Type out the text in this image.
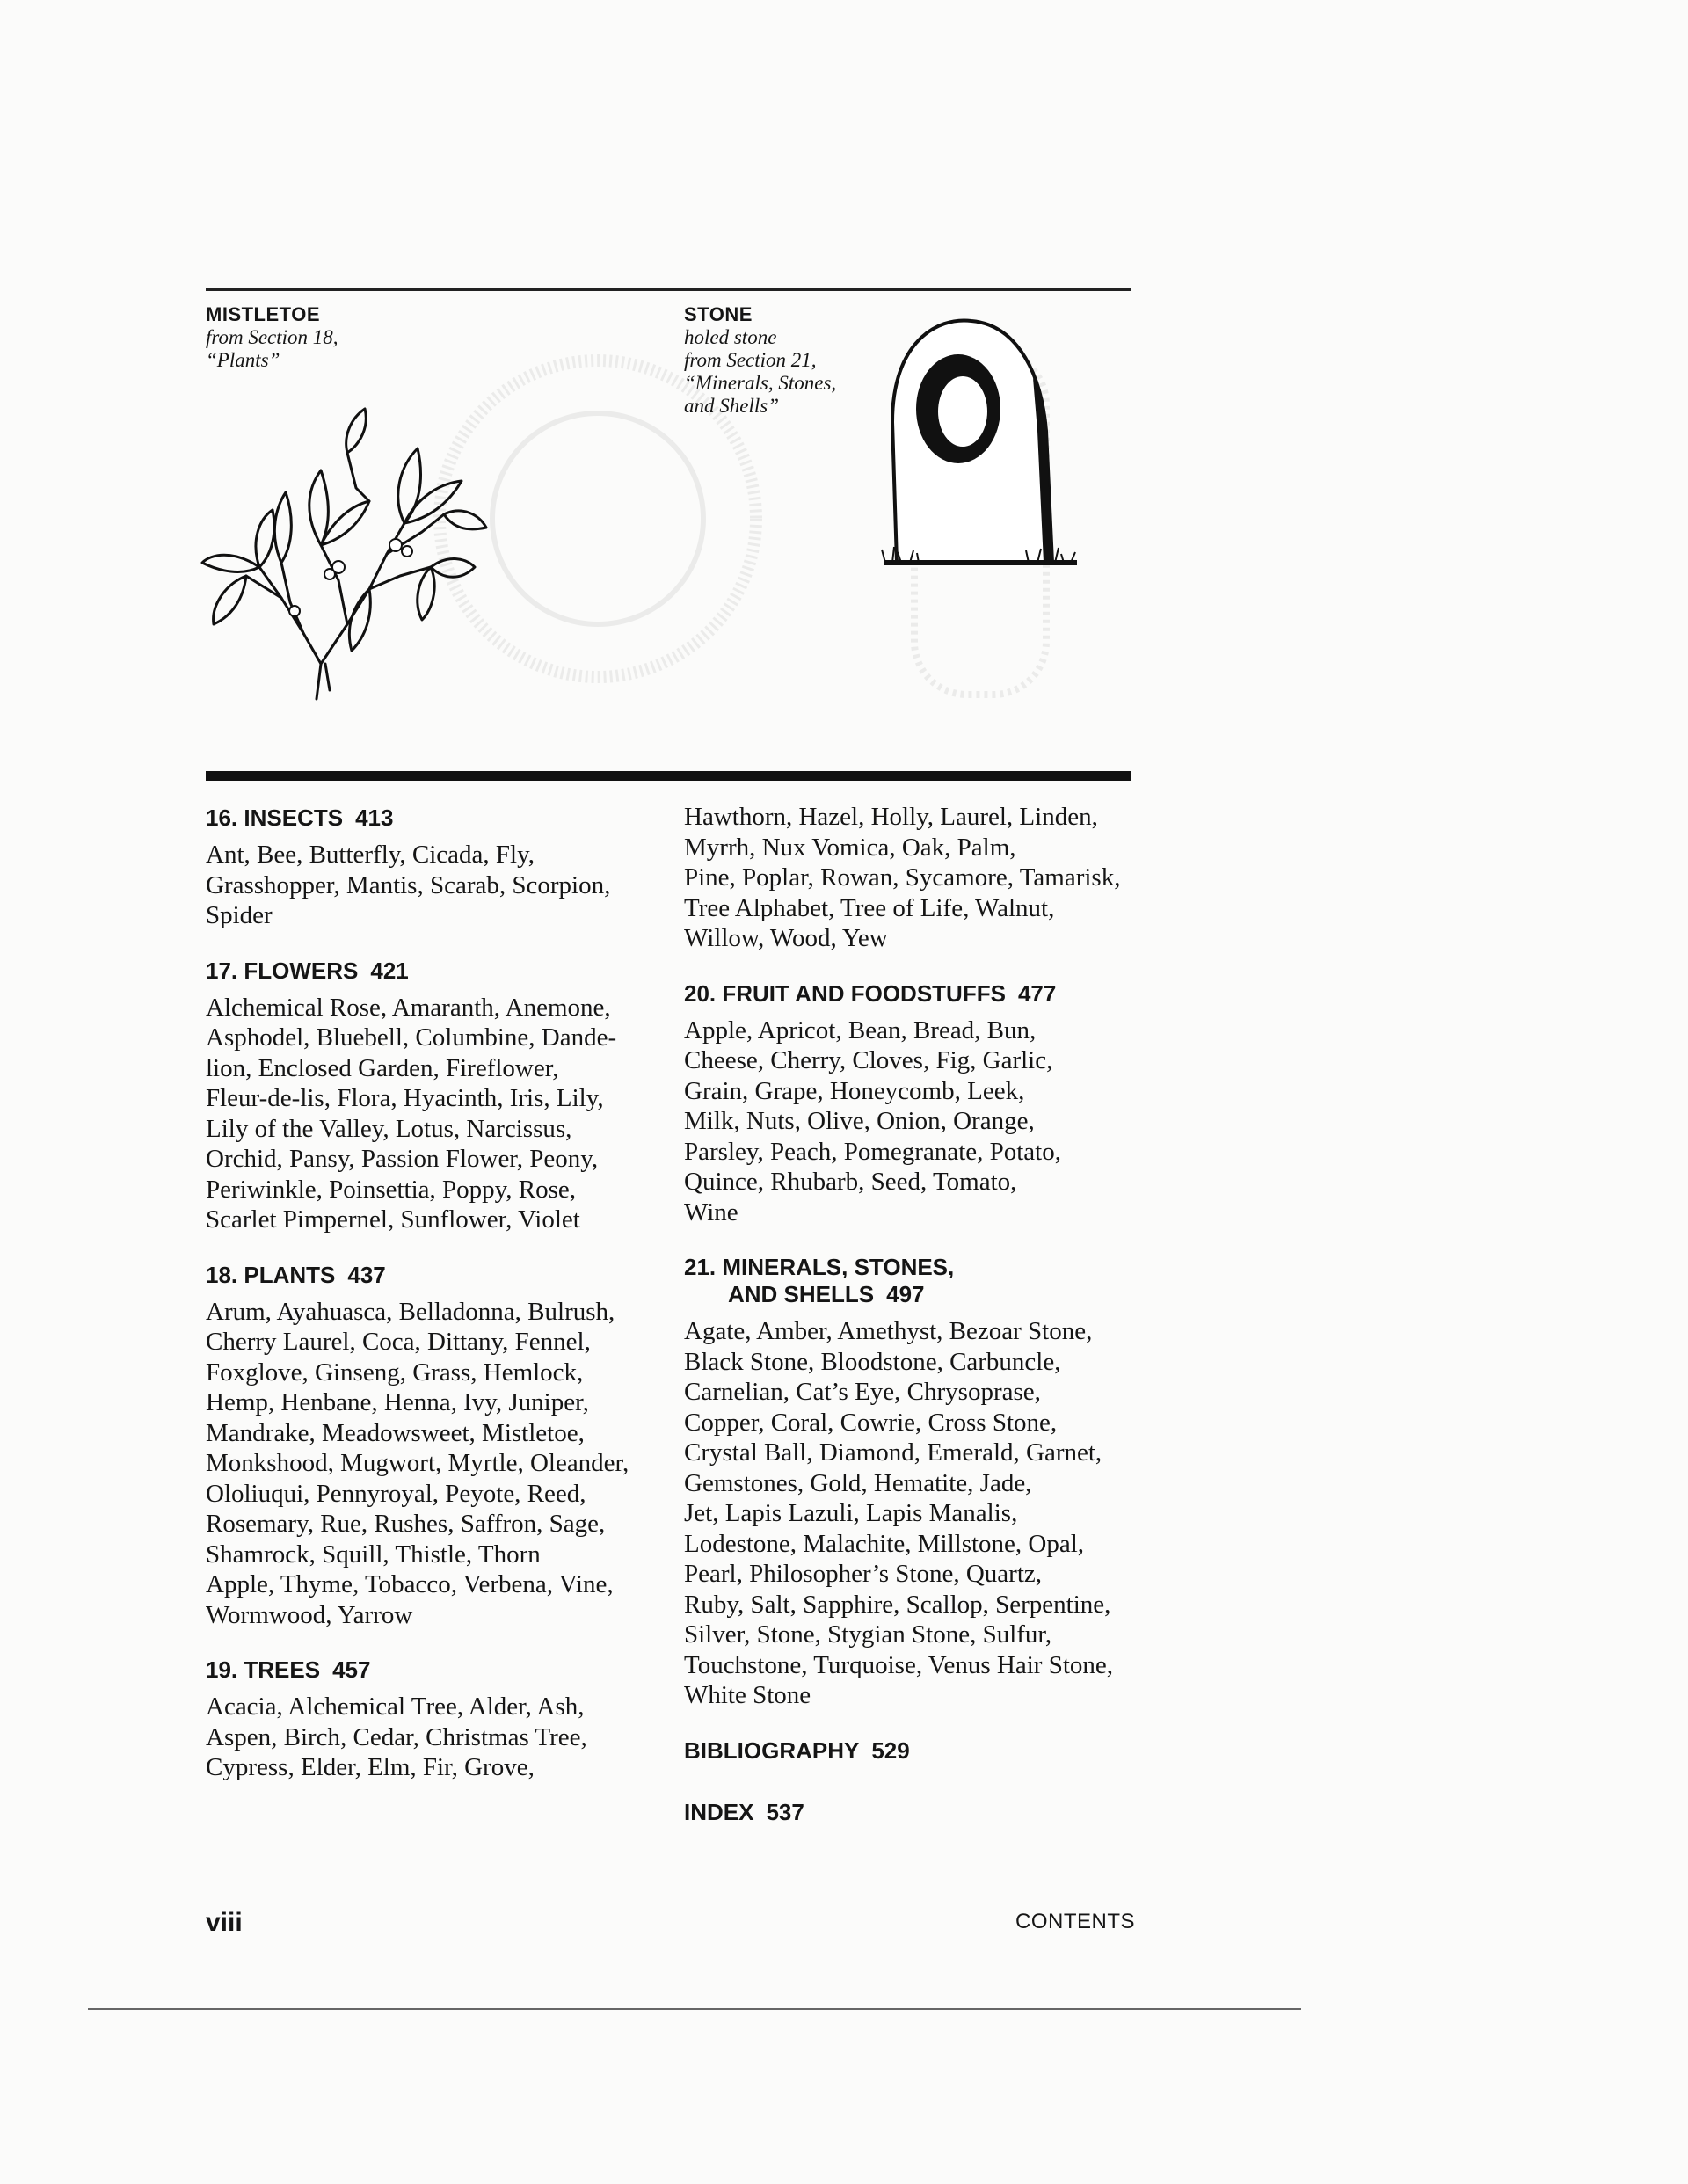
MISTLETOE
from Section 18,
“Plants”
STONE
holed stone
from Section 21,
“Minerals, Stones,
and Shells”
16. INSECTS 413
Ant, Bee, Butterfly, Cicada, Fly,
Grasshopper, Mantis, Scarab, Scorpion,
Spider
17. FLOWERS 421
Alchemical Rose, Amaranth, Anemone,
Asphodel, Bluebell, Columbine, Dande-
lion, Enclosed Garden, Fireflower,
Fleur-de-lis, Flora, Hyacinth, Iris, Lily,
Lily of the Valley, Lotus, Narcissus,
Orchid, Pansy, Passion Flower, Peony,
Periwinkle, Poinsettia, Poppy, Rose,
Scarlet Pimpernel, Sunflower, Violet
18. PLANTS 437
Arum, Ayahuasca, Belladonna, Bulrush,
Cherry Laurel, Coca, Dittany, Fennel,
Foxglove, Ginseng, Grass, Hemlock,
Hemp, Henbane, Henna, Ivy, Juniper,
Mandrake, Meadowsweet, Mistletoe,
Monkshood, Mugwort, Myrtle, Oleander,
Ololiuqui, Pennyroyal, Peyote, Reed,
Rosemary, Rue, Rushes, Saffron, Sage,
Shamrock, Squill, Thistle, Thorn
Apple, Thyme, Tobacco, Verbena, Vine,
Wormwood, Yarrow
19. TREES 457
Acacia, Alchemical Tree, Alder, Ash,
Aspen, Birch, Cedar, Christmas Tree,
Cypress, Elder, Elm, Fir, Grove,
Hawthorn, Hazel, Holly, Laurel, Linden,
Myrrh, Nux Vomica, Oak, Palm,
Pine, Poplar, Rowan, Sycamore, Tamarisk,
Tree Alphabet, Tree of Life, Walnut,
Willow, Wood, Yew
20. FRUIT AND FOODSTUFFS 477
Apple, Apricot, Bean, Bread, Bun,
Cheese, Cherry, Cloves, Fig, Garlic,
Grain, Grape, Honeycomb, Leek,
Milk, Nuts, Olive, Onion, Orange,
Parsley, Peach, Pomegranate, Potato,
Quince, Rhubarb, Seed, Tomato,
Wine
21. MINERALS, STONES,
AND SHELLS 497
Agate, Amber, Amethyst, Bezoar Stone,
Black Stone, Bloodstone, Carbuncle,
Carnelian, Cat’s Eye, Chrysoprase,
Copper, Coral, Cowrie, Cross Stone,
Crystal Ball, Diamond, Emerald, Garnet,
Gemstones, Gold, Hematite, Jade,
Jet, Lapis Lazuli, Lapis Manalis,
Lodestone, Malachite, Millstone, Opal,
Pearl, Philosopher’s Stone, Quartz,
Ruby, Salt, Sapphire, Scallop, Serpentine,
Silver, Stone, Stygian Stone, Sulfur,
Touchstone, Turquoise, Venus Hair Stone,
White Stone
BIBLIOGRAPHY 529
INDEX 537
viii	CONTENTS
